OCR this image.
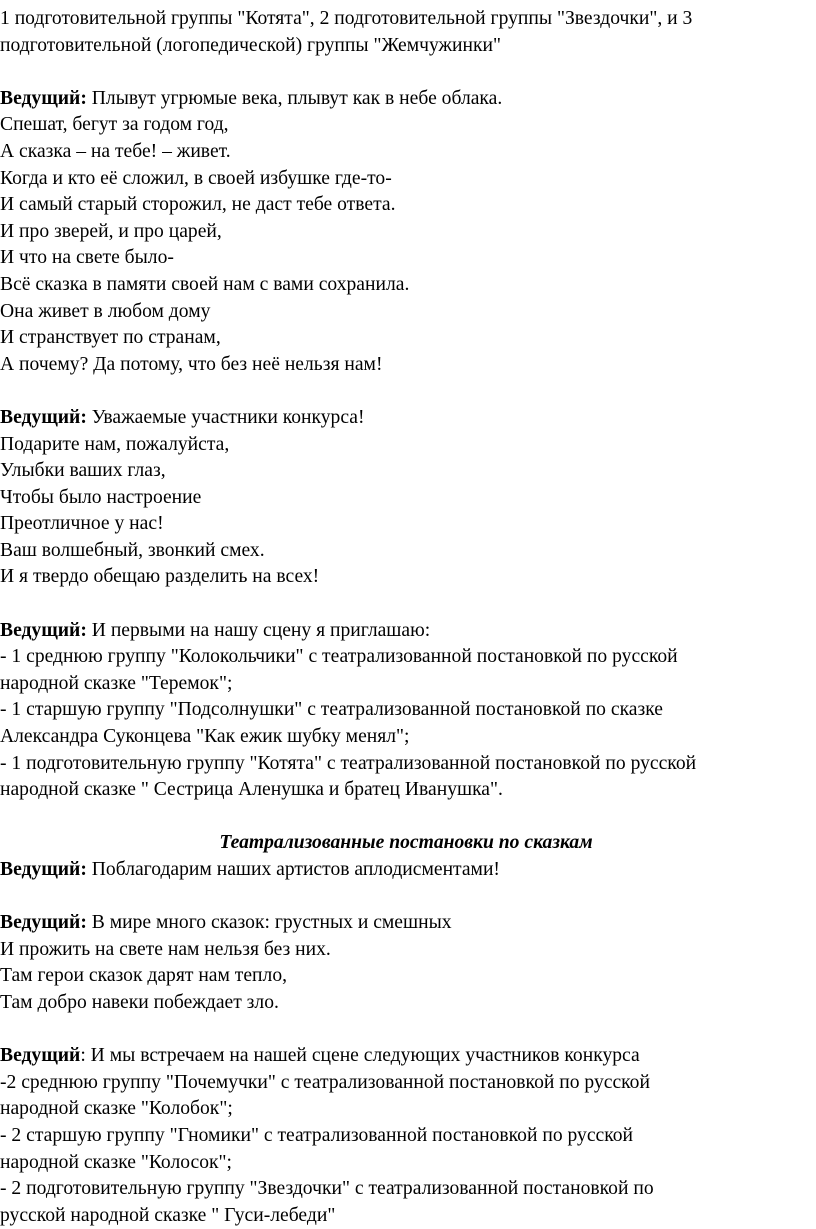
1 подготовительной группы "Котята", 2 подготовительной группы "Звездочки", и 3
подготовительной (логопедической) группы "Жемчужинки"
Ведущий: Плывут угрюмые века, плывут как в небе облака.
Спешат, бегут за годом год,
А сказка – на тебе! – живет.
Когда и кто её сложил, в своей избушке где-то-
И самый старый сторожил, не даст тебе ответа.
И про зверей, и про царей,
И что на свете было-
Всё сказка в памяти своей нам с вами сохранила.
Она живет в любом дому
И странствует по странам,
А почему? Да потому, что без неё нельзя нам!
Ведущий: Уважаемые участники конкурса!
Подарите нам, пожалуйста,
Улыбки ваших глаз,
Чтобы было настроение
Преотличное у нас!
Ваш волшебный, звонкий смех.
И я твердо обещаю разделить на всех!
Ведущий: И первыми на нашу сцену я приглашаю:
- 1 среднюю группу "Колокольчики" с театрализованной постановкой по русской
народной сказке "Теремок";
- 1 старшую группу "Подсолнушки" с театрализованной постановкой по сказке
Александра Суконцева "Как ежик шубку менял";
- 1 подготовительную группу "Котята" с театрализованной постановкой по русской
народной сказке " Сестрица Аленушка и братец Иванушка".
Театрализованные постановки по сказкам
Ведущий: Поблагодарим наших артистов аплодисментами!
Ведущий: В мире много сказок: грустных и смешных
И прожить на свете нам нельзя без них.
Там герои сказок дарят нам тепло,
Там добро навеки побеждает зло.
Ведущий: И мы встречаем на нашей сцене следующих участников конкурса
-2 среднюю группу "Почемучки" с театрализованной постановкой по русской
народной сказке "Колобок";
- 2 старшую группу "Гномики" с театрализованной постановкой по русской
народной сказке "Колосок";
- 2 подготовительную группу "Звездочки" с театрализованной постановкой по
русской народной сказке " Гуси-лебеди"
